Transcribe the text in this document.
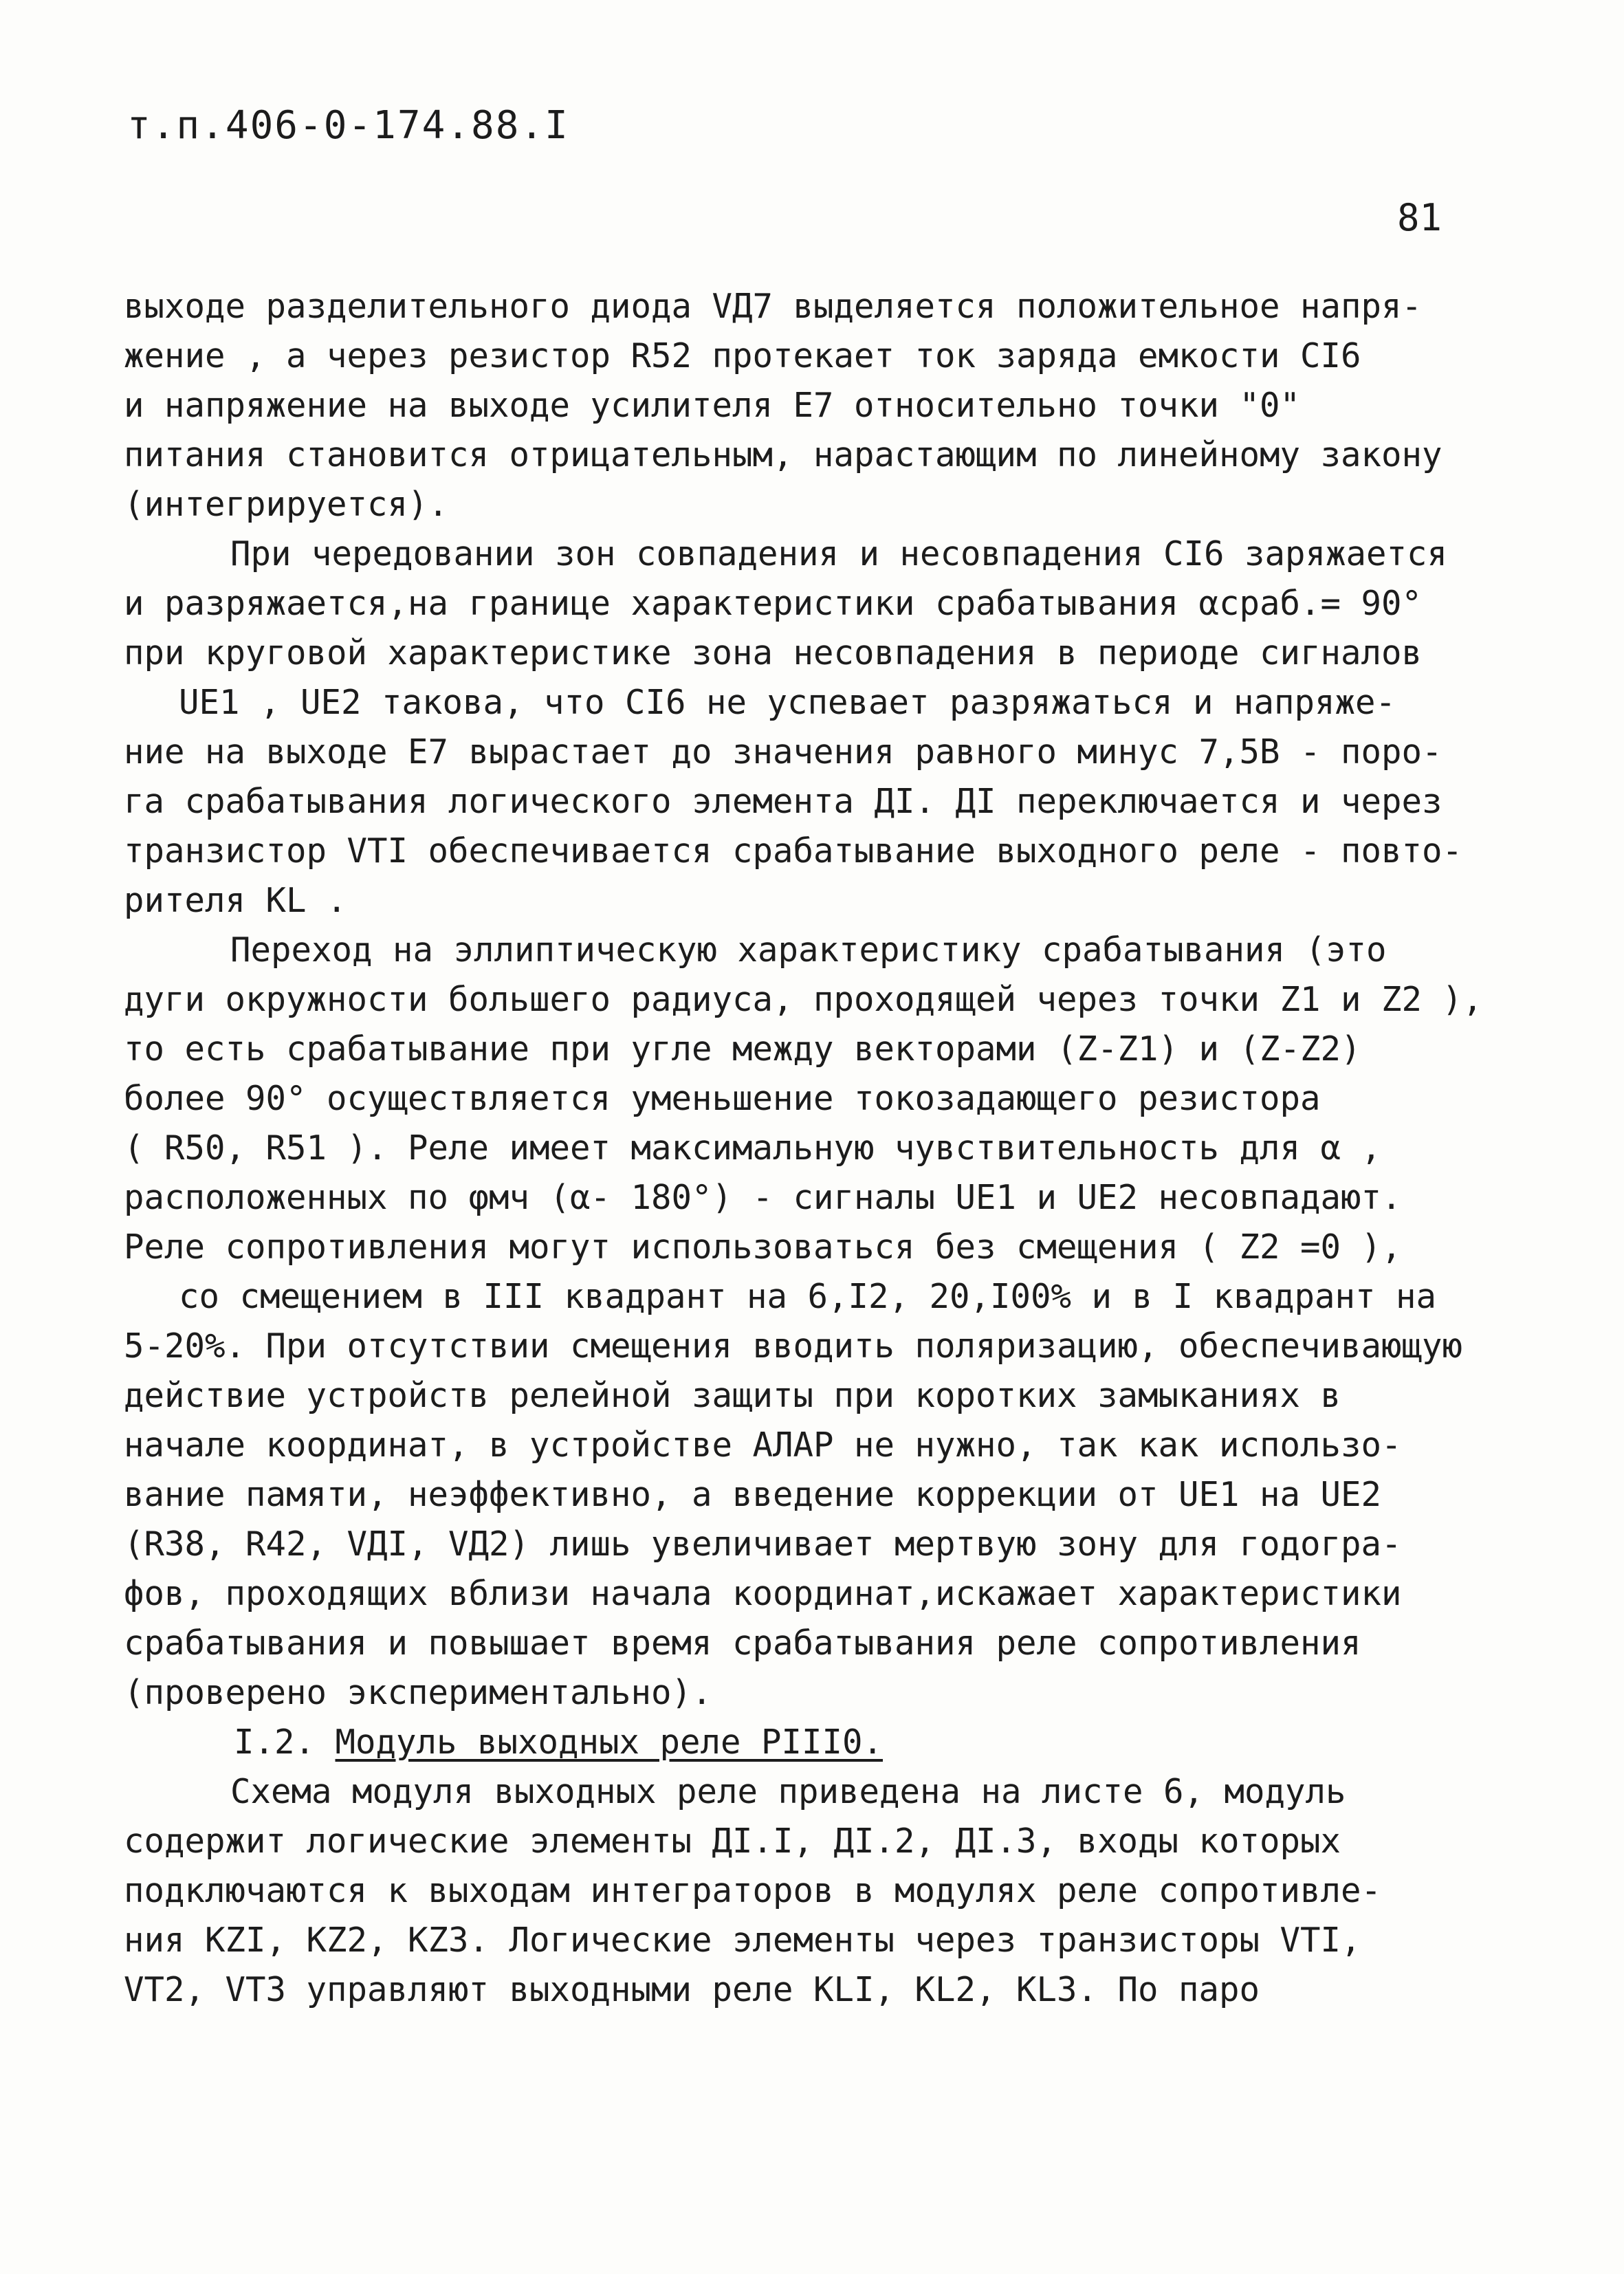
т.п.406-0-174.88.I
81
выходе разделительного диода VД7 выделяется положительное напря-
жение , а через резистор R52 протекает ток заряда емкости CI6
и напряжение на выходе усилителя E7 относительно точки "0"
питания становится отрицательным, нарастающим по линейному закону
(интегрируется).
При чередовании зон совпадения и несовпадения CI6 заряжается
и разряжается,на границе характеристики срабатывания αсраб.= 90°
при круговой характеристике зона несовпадения в периоде сигналов
UE1 , UE2 такова, что CI6 не успевает разряжаться и напряже-
ние на выходе E7 вырастает до значения равного минус 7,5B - поро-
га срабатывания логического элемента ДI. ДI переключается и через
транзистор VTI обеспечивается срабатывание выходного реле - повто-
рителя KL .
Переход на эллиптическую характеристику срабатывания (это
дуги окружности большего радиуса, проходящей через точки Z1 и Z2 ),
то есть срабатывание при угле между векторами (Z-Z1) и (Z-Z2)
более 90° осуществляется уменьшение токозадающего резистора
( R50, R51 ). Реле имеет максимальную чувствительность для α ,
расположенных по φмч (α- 180°) - сигналы UE1 и UE2 несовпадают.
Реле сопротивления могут использоваться без смещения ( Z2 =0 ),
со смещением в III квадрант на 6,I2, 20,I00% и в I квадрант на
5-20%. При отсутствии смещения вводить поляризацию, обеспечивающую
действие устройств релейной защиты при коротких замыканиях в
начале координат, в устройстве АЛАР не нужно, так как использо-
вание памяти, неэффективно, а введение коррекции от UE1 на UE2
(R38, R42, VДI, VД2) лишь увеличивает мертвую зону для годогра-
фов, проходящих вблизи начала координат,искажает характеристики
срабатывания и повышает время срабатывания реле сопротивления
(проверено экспериментально).
I.2. Модуль выходных реле PIII0.
Схема модуля выходных реле приведена на листе 6, модуль
содержит логические элементы ДI.I, ДI.2, ДI.3, входы которых
подключаются к выходам интеграторов в модулях реле сопротивле-
ния KZI, KZ2, KZ3. Логические элементы через транзисторы VTI,
VT2, VT3 управляют выходными реле KLI, KL2, KL3. По паро
